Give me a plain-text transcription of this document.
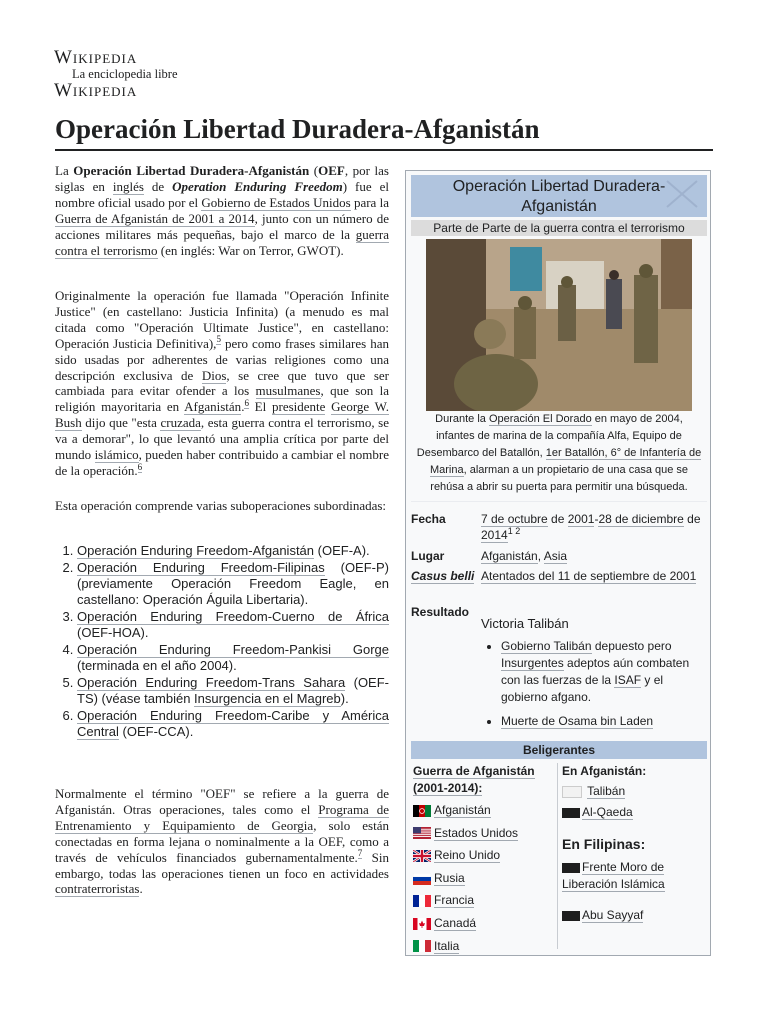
Wikipedia
La enciclopedia libre
Wikipedia
Operación Libertad Duradera-Afganistán

La Operación Libertad Duradera-Afganistán (OEF, por las siglas en inglés de Operation Enduring Freedom) fue el nombre oficial usado por el Gobierno de Estados Unidos para la Guerra de Afganistán de 2001 a 2014, junto con un número de acciones militares más pequeñas, bajo el marco de la guerra contra el terrorismo (en inglés: War on Terror, GWOT).

Originalmente la operación fue llamada "Operación Infinite Justice" (en castellano: Justicia Infinita) (a menudo es mal citada como "Operación Ultimate Justice", en castellano: Operación Justicia Definitiva),$^5$ pero como frases similares han sido usadas por adherentes de varias religiones como una descripción exclusiva de Dios, se cree que tuvo que ser cambiada para evitar ofender a los musulmanes, que son la religión mayoritaria en Afganistán.$^6$ El presidente George W. Bush dijo que "esta cruzada, esta guerra contra el terrorismo, se va a demorar", lo que levantó una amplia crítica por parte del mundo islámico, pueden haber contribuido a cambiar el nombre de la operación.$^6$

Esta operación comprende varias suboperaciones subordinadas:

1. Operación Enduring Freedom-Afganistán (OEF-A).
2. Operación Enduring Freedom-Filipinas (OEF-P) (previamente Operación Freedom Eagle, en castellano: Operación Águila Libertaria).
3. Operación Enduring Freedom-Cuerno de África (OEF-HOA).
4. Operación Enduring Freedom-Pankisi Gorge (terminada en el año 2004).
5. Operación Enduring Freedom-Trans Sahara (OEF-TS) (véase también Insurgencia en el Magreb).
6. Operación Enduring Freedom-Caribe y América Central (OEF-CCA).

Normalmente el término "OEF" se refiere a la guerra de Afganistán. Otras operaciones, tales como el Programa de Entrenamiento y Equipamiento de Georgia, solo están conectadas en forma lejana o nominalmente a la OEF, como a través de vehículos financiados gubernamentalmente.$^7$ Sin embargo, todas las operaciones tienen un foco en actividades contraterroristas.

Operación Libertad Duradera-Afganistán
Parte de Parte de la guerra contra el terrorismo
Durante la Operación El Dorado en mayo de 2004, infantes de marina de la compañía Alfa, Equipo de Desembarco del Batallón, 1er Batallón, 6° de Infantería de Marina, alarman a un propietario de una casa que se rehúsa a abrir su puerta para permitir una búsqueda.
Fecha	7 de octubre de 2001-28 de diciembre de $2014^{1 2}$
Lugar	Afganistán, Asia
Casus belli Atentados del 11 de septiembre de 2001
Resultado
Victoria Talibán
• Gobierno Talibán depuesto pero Insurgentes adeptos aún combaten con las fuerzas de la ISAF y el gobierno afgano.
• Muerte de Osama bin Laden
Beligerantes
Guerra de Afganistán (2001-2014):
Afganistán
Estados Unidos
Reino Unido
Rusia
Francia
Canadá
Italia
En Afganistán:
Talibán
Al-Qaeda
En Filipinas:
Frente Moro de Liberación Islámica
Abu Sayyaf
